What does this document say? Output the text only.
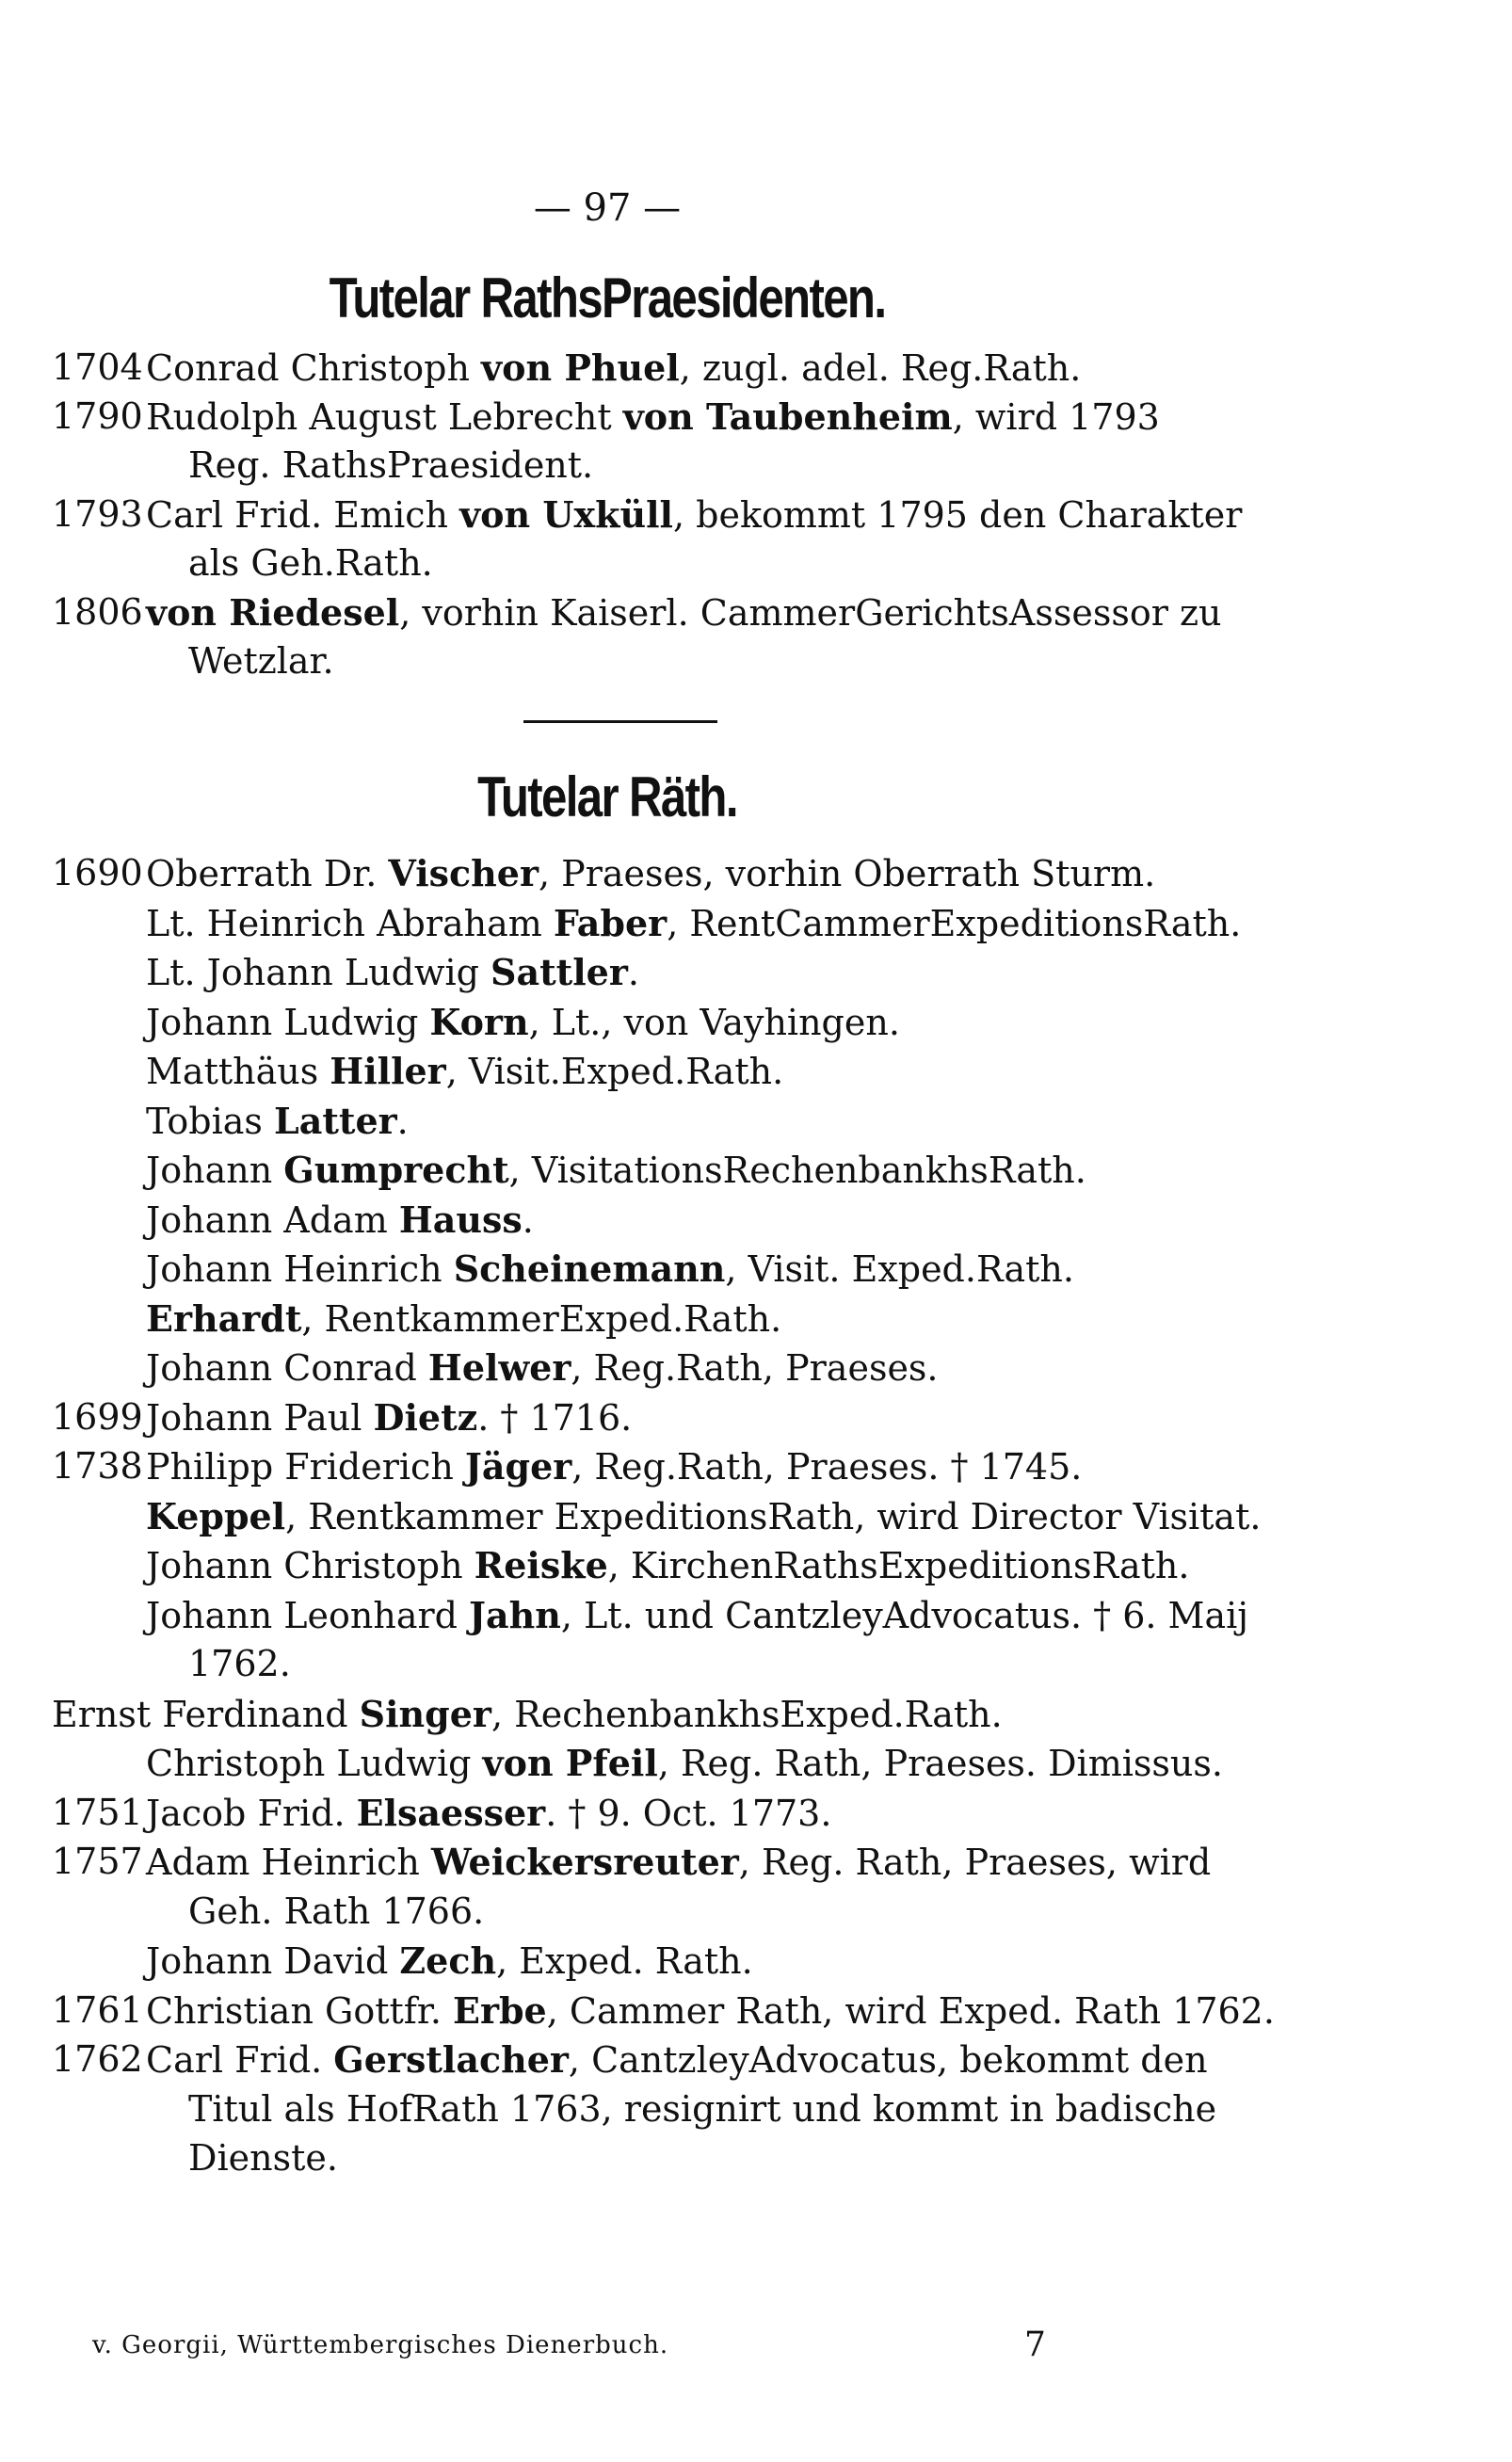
— 97 —
Tutelar RathsPraesidenten.
1704 Conrad Christoph von Phuel, zugl. adel. Reg.Rath.
1790 Rudolph August Lebrecht von Taubenheim, wird 1793
Reg. RathsPraesident.
1793 Carl Frid. Emich von Uxküll, bekommt 1795 den Charakter
als Geh.Rath.
1806 von Riedesel, vorhin Kaiserl. CammerGerichtsAssessor zu
Wetzlar.
Tutelar Räth.
1690 Oberrath Dr. Vischer, Praeses, vorhin Oberrath Sturm.
Lt. Heinrich Abraham Faber, RentCammerExpeditionsRath.
Lt. Johann Ludwig Sattler.
Johann Ludwig Korn, Lt., von Vayhingen.
Matthäus Hiller, Visit.Exped.Rath.
Tobias Latter.
Johann Gumprecht, VisitationsRechenbankhsRath.
Johann Adam Hauss.
Johann Heinrich Scheinemann, Visit. Exped.Rath.
Erhardt, RentkammerExped.Rath.
Johann Conrad Helwer, Reg.Rath, Praeses.
1699 Johann Paul Dietz. † 1716.
1738 Philipp Friderich Jäger, Reg.Rath, Praeses. † 1745.
Keppel, Rentkammer ExpeditionsRath, wird Director Visitat.
Johann Christoph Reiske, KirchenRathsExpeditionsRath.
Johann Leonhard Jahn, Lt. und CantzleyAdvocatus. † 6. Maij
1762.
Ernst Ferdinand Singer, RechenbankhsExped.Rath.
Christoph Ludwig von Pfeil, Reg. Rath, Praeses. Dimissus.
1751 Jacob Frid. Elsaesser. † 9. Oct. 1773.
1757 Adam Heinrich Weickersreuter, Reg. Rath, Praeses, wird
Geh. Rath 1766.
Johann David Zech, Exped. Rath.
1761 Christian Gottfr. Erbe, Cammer Rath, wird Exped. Rath 1762.
1762 Carl Frid. Gerstlacher, CantzleyAdvocatus, bekommt den
Titul als HofRath 1763, resignirt und kommt in badische
Dienste.
v. Georgii, Württembergisches Dienerbuch.	7
